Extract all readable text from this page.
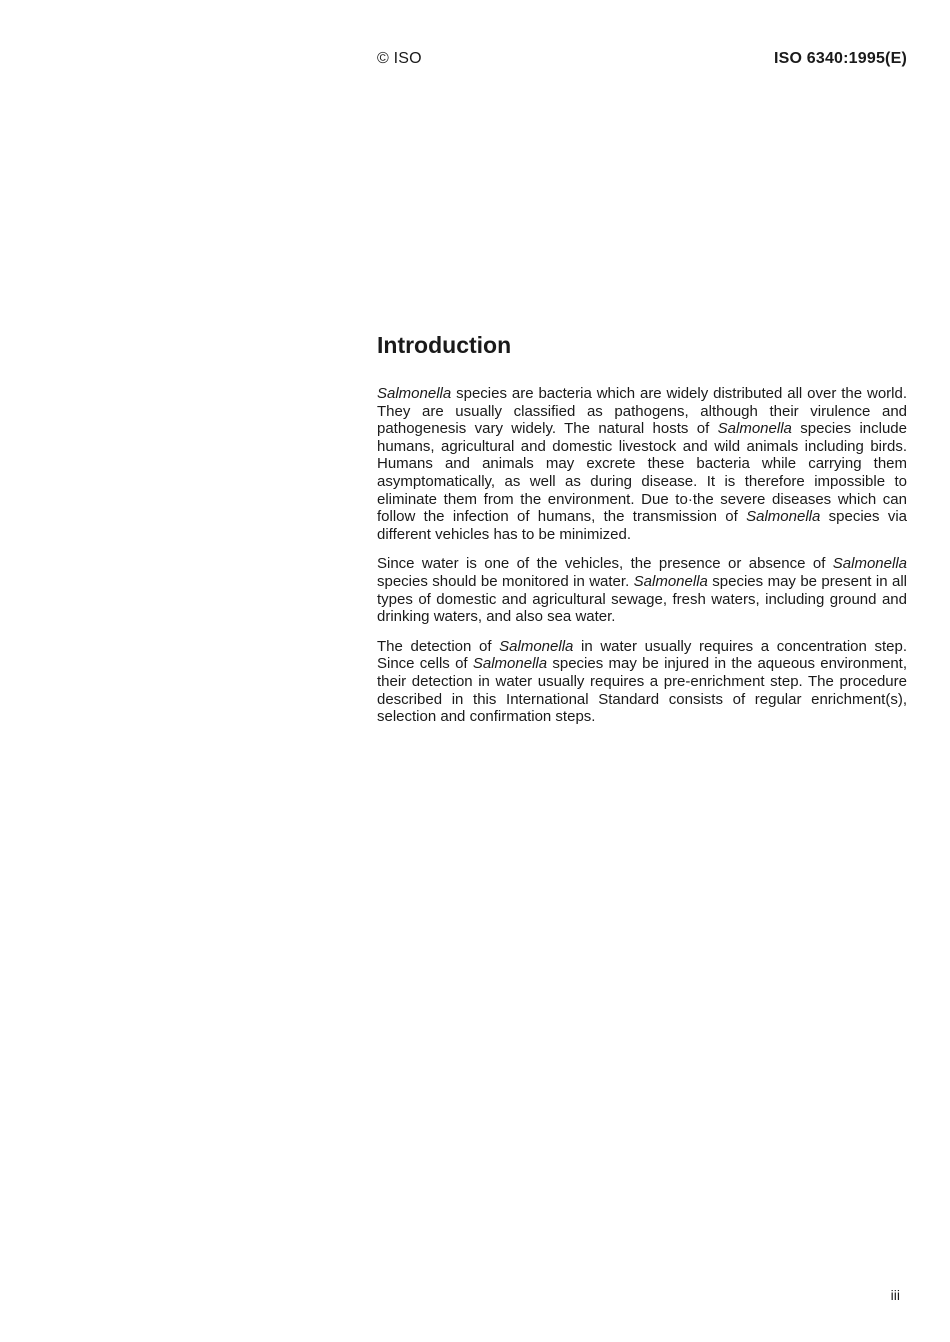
© ISO	ISO 6340:1995(E)
Introduction

Salmonella species are bacteria which are widely distributed all over the world. They are usually classified as pathogens, although their virulence and pathogenesis vary widely. The natural hosts of Salmonella species include humans, agricultural and domestic livestock and wild animals including birds. Humans and animals may excrete these bacteria while carrying them asymptomatically, as well as during disease. It is therefore impossible to eliminate them from the environment. Due to·the severe diseases which can follow the infection of humans, the transmission of Salmonella species via different vehicles has to be minimized.

Since water is one of the vehicles, the presence or absence of Salmonella species should be monitored in water. Salmonella species may be present in all types of domestic and agricultural sewage, fresh waters, including ground and drinking waters, and also sea water.

The detection of Salmonella in water usually requires a concentration step. Since cells of Salmonella species may be injured in the aqueous environment, their detection in water usually requires a pre-enrichment step. The procedure described in this International Standard consists of regular enrichment(s), selection and confirmation steps.

iii
